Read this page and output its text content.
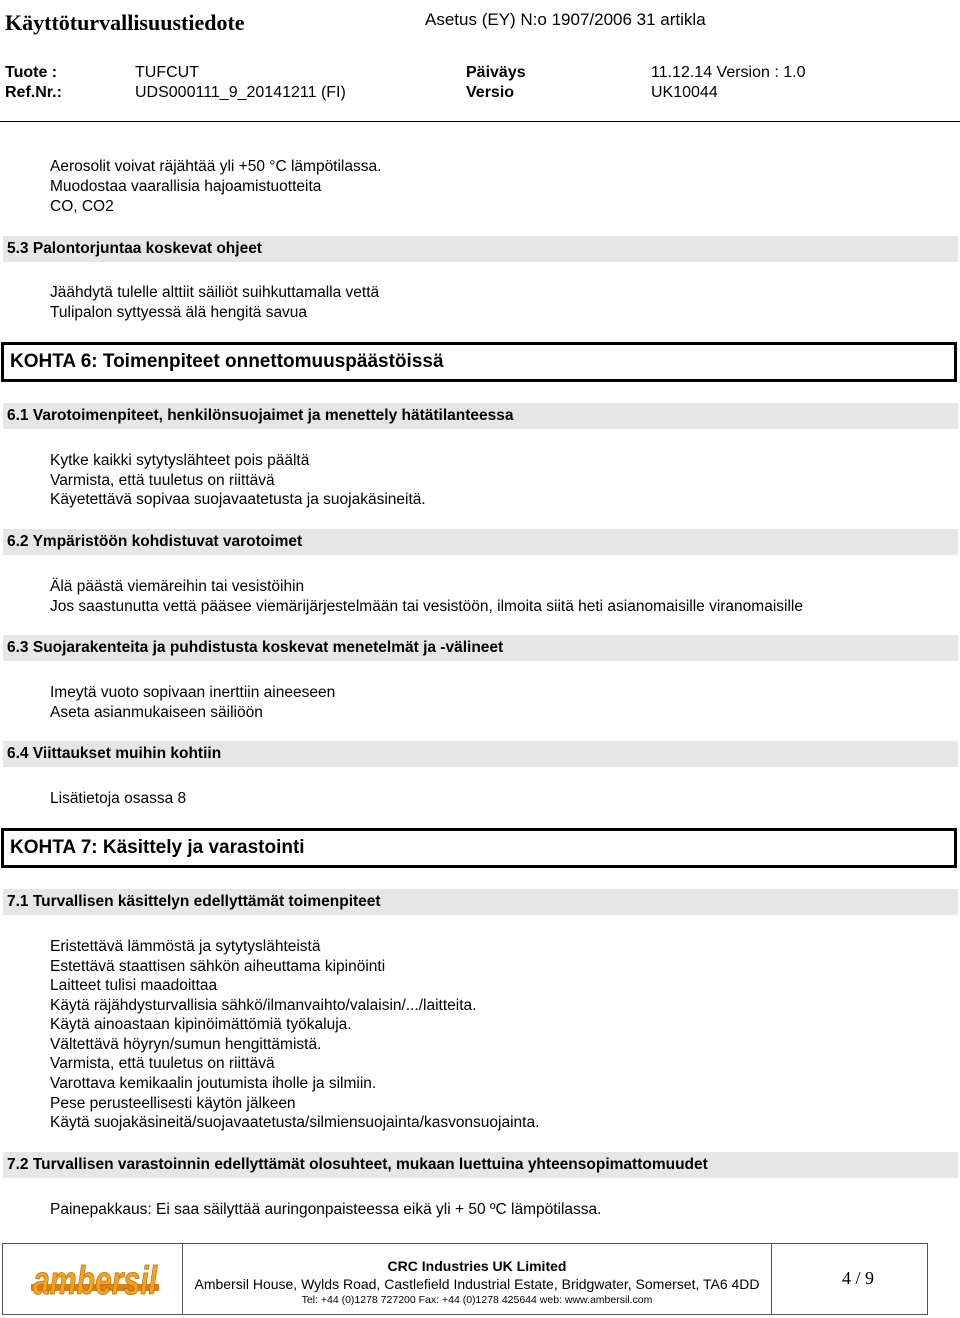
Käyttöturvallisuustiedote	Asetus (EY) N:o 1907/2006 31 artikla
Tuote :	TUFCUT	Päiväys	11.12.14 Version : 1.0
Ref.Nr.:	UDS000111_9_20141211 (FI)	Versio	UK10044
Aerosolit voivat räjähtää yli +50 °C lämpötilassa.
Muodostaa vaarallisia hajoamistuotteita
CO, CO2
5.3 Palontorjuntaa koskevat ohjeet
Jäähdytä tulelle alttiit säiliöt suihkuttamalla vettä
Tulipalon syttyessä älä hengitä savua
KOHTA 6: Toimenpiteet onnettomuuspäästöissä
6.1 Varotoimenpiteet, henkilönsuojaimet ja menettely hätätilanteessa
Kytke kaikki sytytyslähteet pois päältä
Varmista, että tuuletus on riittävä
Käyetettävä sopivaa suojavaatetusta ja suojakäsineitä.
6.2 Ympäristöön kohdistuvat varotoimet
Älä päästä viemäreihin tai vesistöihin
Jos saastunutta vettä pääsee viemärijärjestelmään tai vesistöön, ilmoita siitä heti asianomaisille viranomaisille
6.3 Suojarakenteita ja puhdistusta koskevat menetelmät ja -välineet
Imeytä vuoto sopivaan inerttiin aineeseen
Aseta asianmukaiseen säiliöön
6.4 Viittaukset muihin kohtiin
Lisätietoja osassa 8
KOHTA 7: Käsittely ja varastointi
7.1 Turvallisen käsittelyn edellyttämät toimenpiteet
Eristettävä lämmöstä ja sytytyslähteistä
Estettävä staattisen sähkön aiheuttama kipinöinti
Laitteet tulisi maadoittaa
Käytä räjähdysturvallisia sähkö/ilmanvaihto/valaisin/.../laitteita.
Käytä ainoastaan kipinöimättömiä työkaluja.
Vältettävä höyryn/sumun hengittämistä.
Varmista, että tuuletus on riittävä
Varottava kemikaalin joutumista iholle ja silmiin.
Pese perusteellisesti käytön jälkeen
Käytä suojakäsineitä/suojavaatetusta/silmiensuojainta/kasvonsuojainta.
7.2 Turvallisen varastoinnin edellyttämät olosuhteet, mukaan luettuina yhteensopimattomuudet
Painepakkaus: Ei saa säilyttää auringonpaisteessa eikä yli + 50 ºC lämpötilassa.
ambersil	CRC Industries UK Limited
Ambersil House, Wylds Road, Castlefield Industrial Estate, Bridgwater, Somerset, TA6 4DD
Tel: +44 (0)1278 727200 Fax: +44 (0)1278 425644 web: www.ambersil.com
4 / 9
